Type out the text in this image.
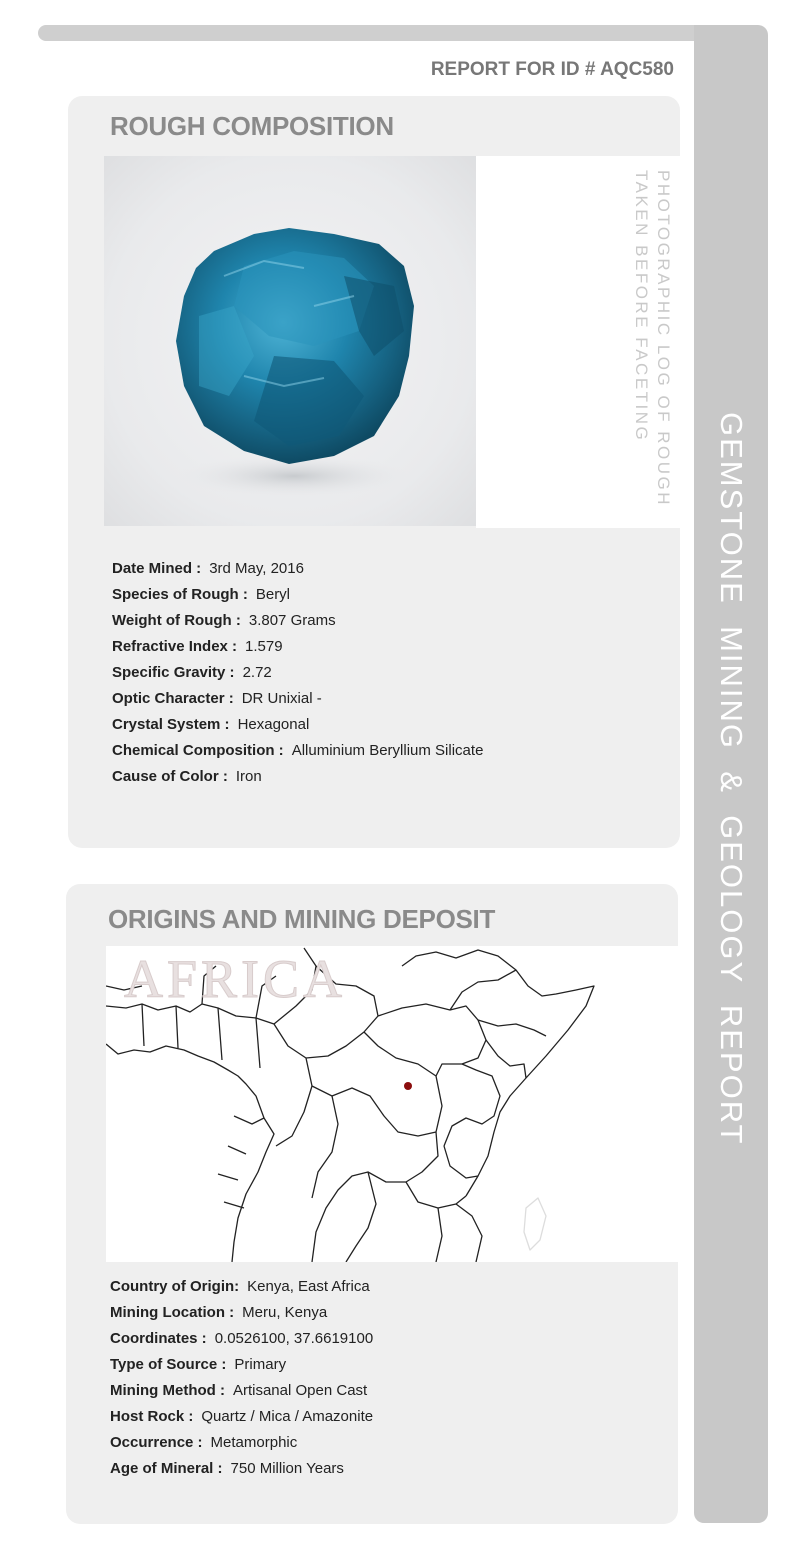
GEMSTONE  MINING  &  GEOLOGY  REPORT
REPORT FOR ID # AQC580
ROUGH COMPOSITION
PHOTOGRAPHIC LOG OF ROUGH TAKEN BEFORE FACETING
Date Mined : 3rd May, 2016
Species of Rough : Beryl
Weight of Rough : 3.807 Grams
Refractive Index : 1.579
Specific Gravity : 2.72
Optic Character : DR Unixial -
Crystal System : Hexagonal
Chemical Composition : Alluminium Beryllium Silicate
Cause of Color : Iron
ORIGINS AND MINING DEPOSIT
AFRICA
Country of Origin: Kenya, East Africa
Mining Location : Meru, Kenya
Coordinates : 0.0526100, 37.6619100
Type of Source : Primary
Mining Method : Artisanal Open Cast
Host Rock : Quartz / Mica / Amazonite
Occurrence : Metamorphic
Age of Mineral : 750 Million Years
